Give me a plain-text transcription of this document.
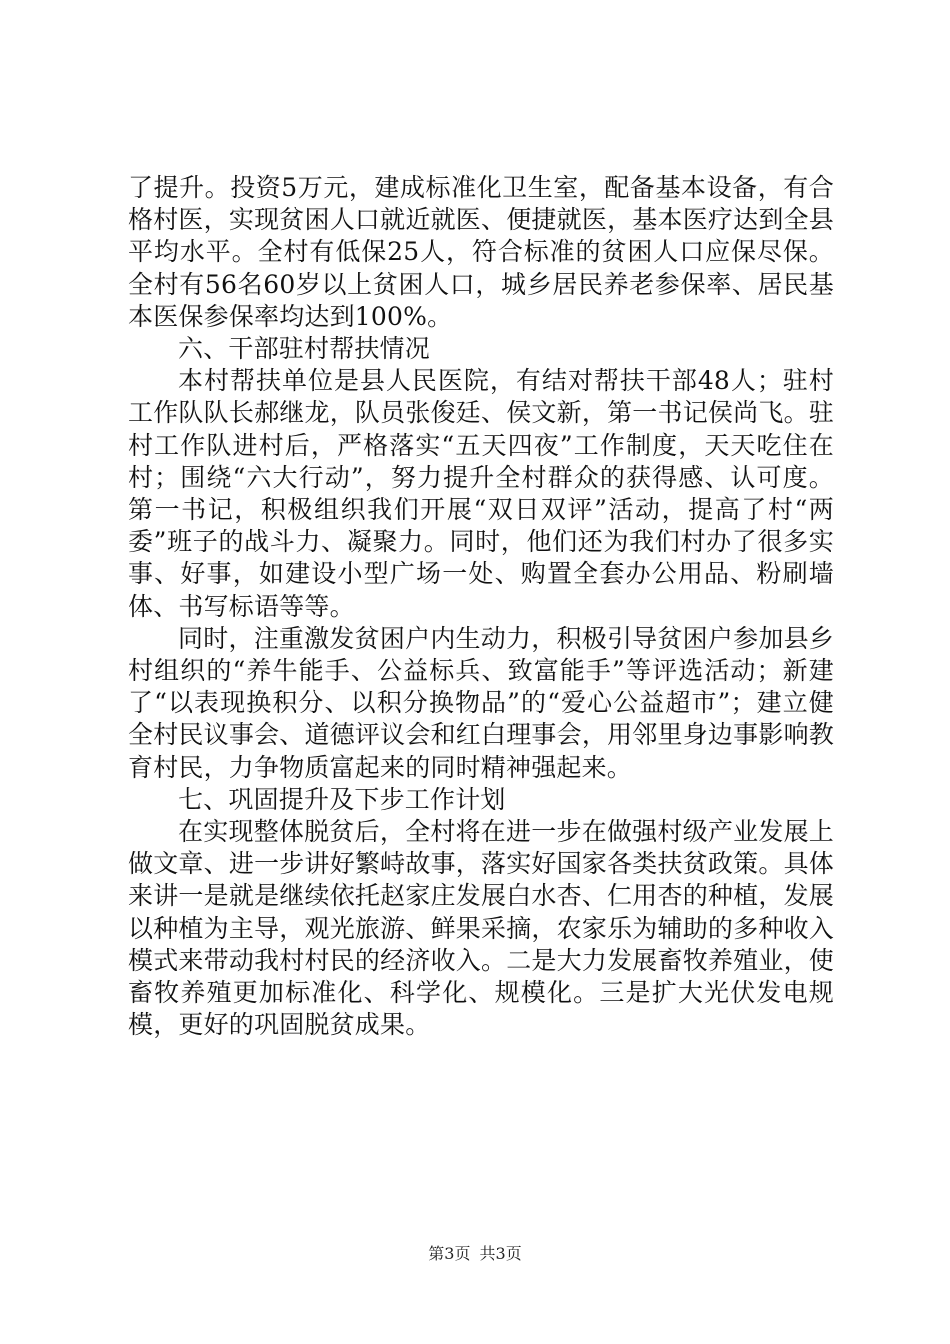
了提升。投资5万元，建成标准化卫生室，配备基本设备，有合格村医，实现贫困人口就近就医、便捷就医，基本医疗达到全县平均水平。全村有低保25人，符合标准的贫困人口应保尽保。全村有56名60岁以上贫困人口，城乡居民养老参保率、居民基本医保参保率均达到100%。

六、干部驻村帮扶情况

本村帮扶单位是县人民医院，有结对帮扶干部48人；驻村工作队队长郝继龙，队员张俊廷、侯文新，第一书记侯尚飞。驻村工作队进村后，严格落实“五天四夜”工作制度，天天吃住在村；围绕“六大行动”，努力提升全村群众的获得感、认可度。第一书记，积极组织我们开展“双日双评”活动，提高了村“两委”班子的战斗力、凝聚力。同时，他们还为我们村办了很多实事、好事，如建设小型广场一处、购置全套办公用品、粉刷墙体、书写标语等等。

同时，注重激发贫困户内生动力，积极引导贫困户参加县乡村组织的“养牛能手、公益标兵、致富能手”等评选活动；新建了“以表现换积分、以积分换物品”的“爱心公益超市”；建立健全村民议事会、道德评议会和红白理事会，用邻里身边事影响教育村民，力争物质富起来的同时精神强起来。

七、巩固提升及下步工作计划

在实现整体脱贫后，全村将在进一步在做强村级产业发展上做文章、进一步讲好繁峙故事，落实好国家各类扶贫政策。具体来讲一是就是继续依托赵家庄发展白水杏、仁用杏的种植，发展以种植为主导，观光旅游、鲜果采摘，农家乐为辅助的多种收入模式来带动我村村民的经济收入。二是大力发展畜牧养殖业，使畜牧养殖更加标准化、科学化、规模化。三是扩大光伏发电规模，更好的巩固脱贫成果。

第3页 共3页
